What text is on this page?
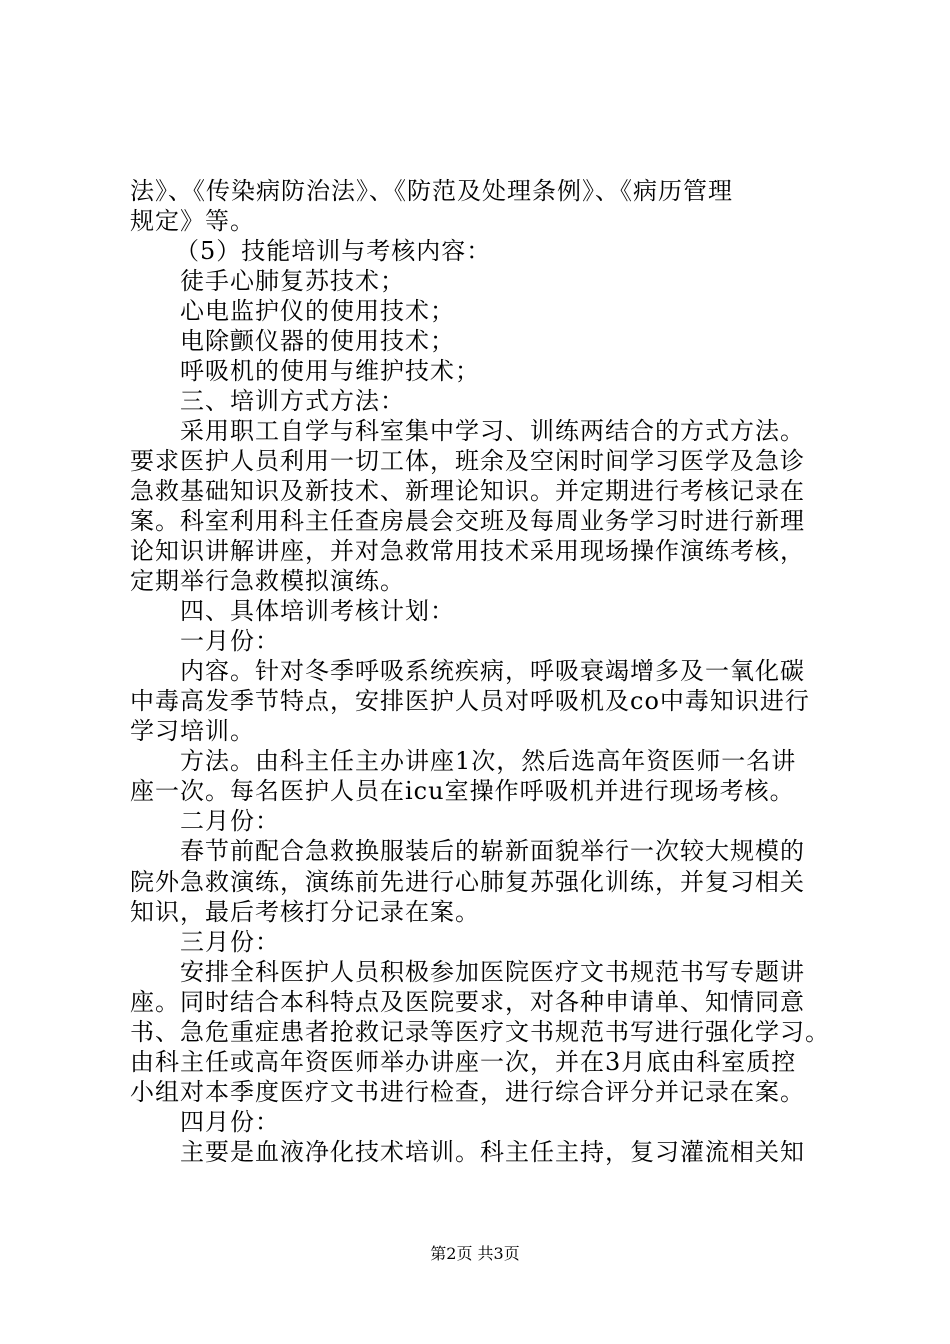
法》、《传染病防治法》、《防范及处理条例》、《病历管理
规定》等。
（5）技能培训与考核内容：
徒手心肺复苏技术；
心电监护仪的使用技术；
电除颤仪器的使用技术；
呼吸机的使用与维护技术；
三、培训方式方法：
采用职工自学与科室集中学习、训练两结合的方式方法。
要求医护人员利用一切工体，班余及空闲时间学习医学及急诊
急救基础知识及新技术、新理论知识。并定期进行考核记录在
案。科室利用科主任查房晨会交班及每周业务学习时进行新理
论知识讲解讲座，并对急救常用技术采用现场操作演练考核，
定期举行急救模拟演练。
四、具体培训考核计划：
一月份：
内容。针对冬季呼吸系统疾病，呼吸衰竭增多及一氧化碳
中毒高发季节特点，安排医护人员对呼吸机及co中毒知识进行
学习培训。
方法。由科主任主办讲座1次，然后选高年资医师一名讲
座一次。每名医护人员在icu室操作呼吸机并进行现场考核。
二月份：
春节前配合急救换服装后的崭新面貌举行一次较大规模的
院外急救演练，演练前先进行心肺复苏强化训练，并复习相关
知识，最后考核打分记录在案。
三月份：
安排全科医护人员积极参加医院医疗文书规范书写专题讲
座。同时结合本科特点及医院要求，对各种申请单、知情同意
书、急危重症患者抢救记录等医疗文书规范书写进行强化学习。
由科主任或高年资医师举办讲座一次，并在3月底由科室质控
小组对本季度医疗文书进行检查，进行综合评分并记录在案。
四月份：
主要是血液净化技术培训。科主任主持，复习灌流相关知
第2页 共3页
